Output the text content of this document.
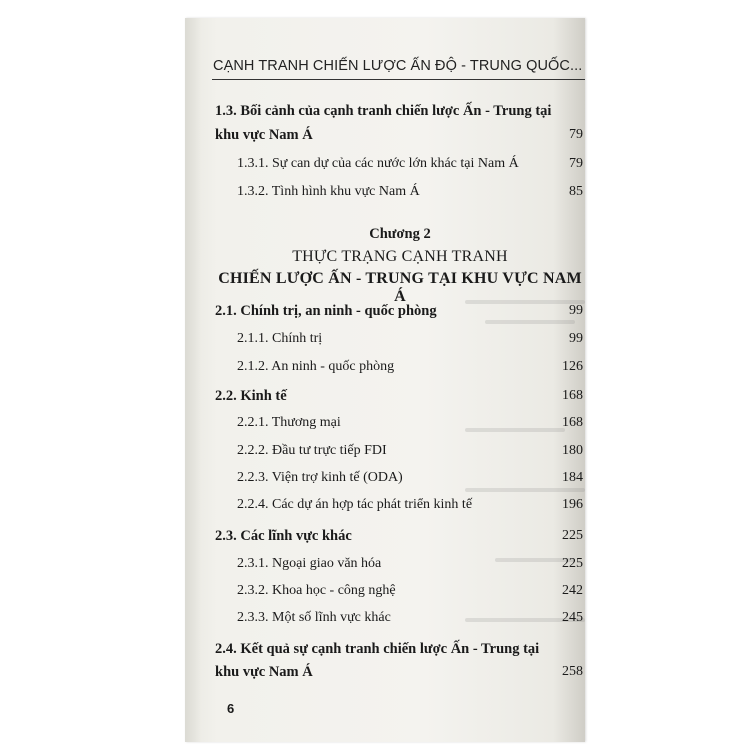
CẠNH TRANH CHIẾN LƯỢC ẤN ĐỘ - TRUNG QUỐC...
1.3. Bối cảnh của cạnh tranh chiến lược Ấn - Trung tại
khu vực Nam Á	79
1.3.1. Sự can dự của các nước lớn khác tại Nam Á	79
1.3.2. Tình hình khu vực Nam Á	85
Chương 2
THỰC TRẠNG CẠNH TRANH
CHIẾN LƯỢC ẤN - TRUNG TẠI KHU VỰC NAM Á
2.1. Chính trị, an ninh - quốc phòng	99
2.1.1. Chính trị	99
2.1.2. An ninh - quốc phòng	126
2.2. Kinh tế	168
2.2.1. Thương mại	168
2.2.2. Đầu tư trực tiếp FDI	180
2.2.3. Viện trợ kinh tế (ODA)	184
2.2.4. Các dự án hợp tác phát triển kinh tế	196
2.3. Các lĩnh vực khác	225
2.3.1. Ngoại giao văn hóa	225
2.3.2. Khoa học - công nghệ	242
2.3.3. Một số lĩnh vực khác	245
2.4. Kết quả sự cạnh tranh chiến lược Ấn - Trung tại
khu vực Nam Á	258
6
